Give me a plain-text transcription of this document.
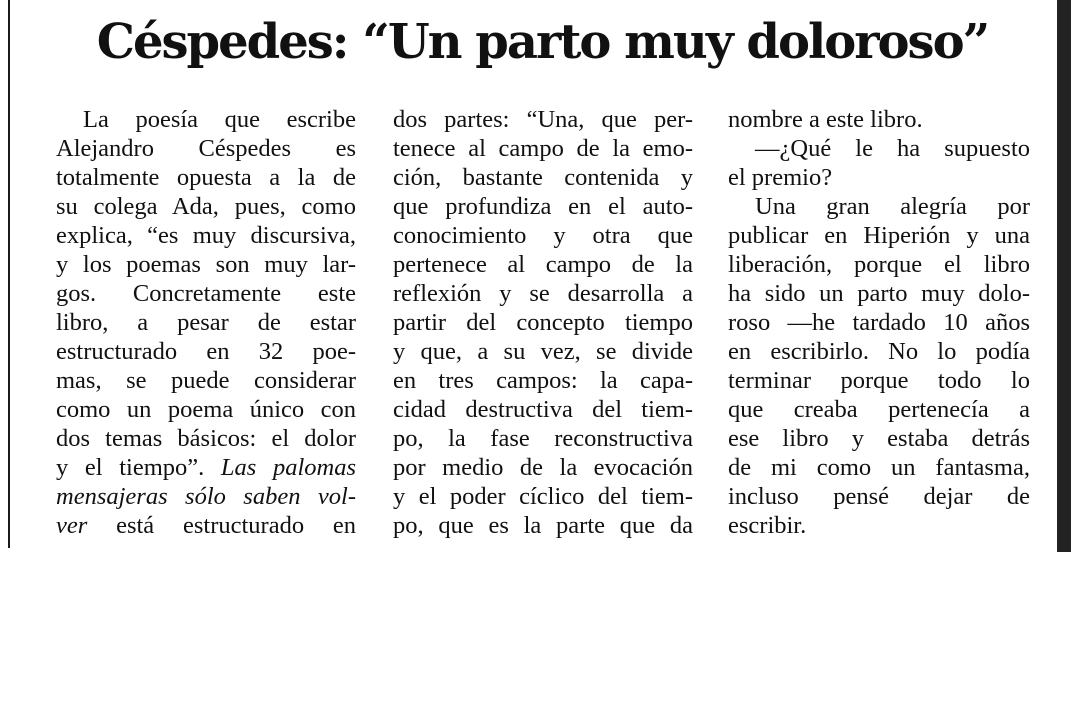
Céspedes: “Un parto muy doloroso”
La poesía que escribe
Alejandro Céspedes es
totalmente opuesta a la de
su colega Ada, pues, como
explica, “es muy discursiva,
y los poemas son muy lar-
gos. Concretamente este
libro, a pesar de estar
estructurado en 32 poe-
mas, se puede considerar
como un poema único con
dos temas básicos: el dolor
y el tiempo”. Las palomas
mensajeras sólo saben vol-
ver está estructurado en
dos partes: “Una, que per-
tenece al campo de la emo-
ción, bastante contenida y
que profundiza en el auto-
conocimiento y otra que
pertenece al campo de la
reflexión y se desarrolla a
partir del concepto tiempo
y que, a su vez, se divide
en tres campos: la capa-
cidad destructiva del tiem-
po, la fase reconstructiva
por medio de la evocación
y el poder cíclico del tiem-
po, que es la parte que da
nombre a este libro.
—¿Qué le ha supuesto
el premio?
Una gran alegría por
publicar en Hiperión y una
liberación, porque el libro
ha sido un parto muy dolo-
roso —he tardado 10 años
en escribirlo. No lo podía
terminar porque todo lo
que creaba pertenecía a
ese libro y estaba detrás
de mi como un fantasma,
incluso pensé dejar de
escribir.
